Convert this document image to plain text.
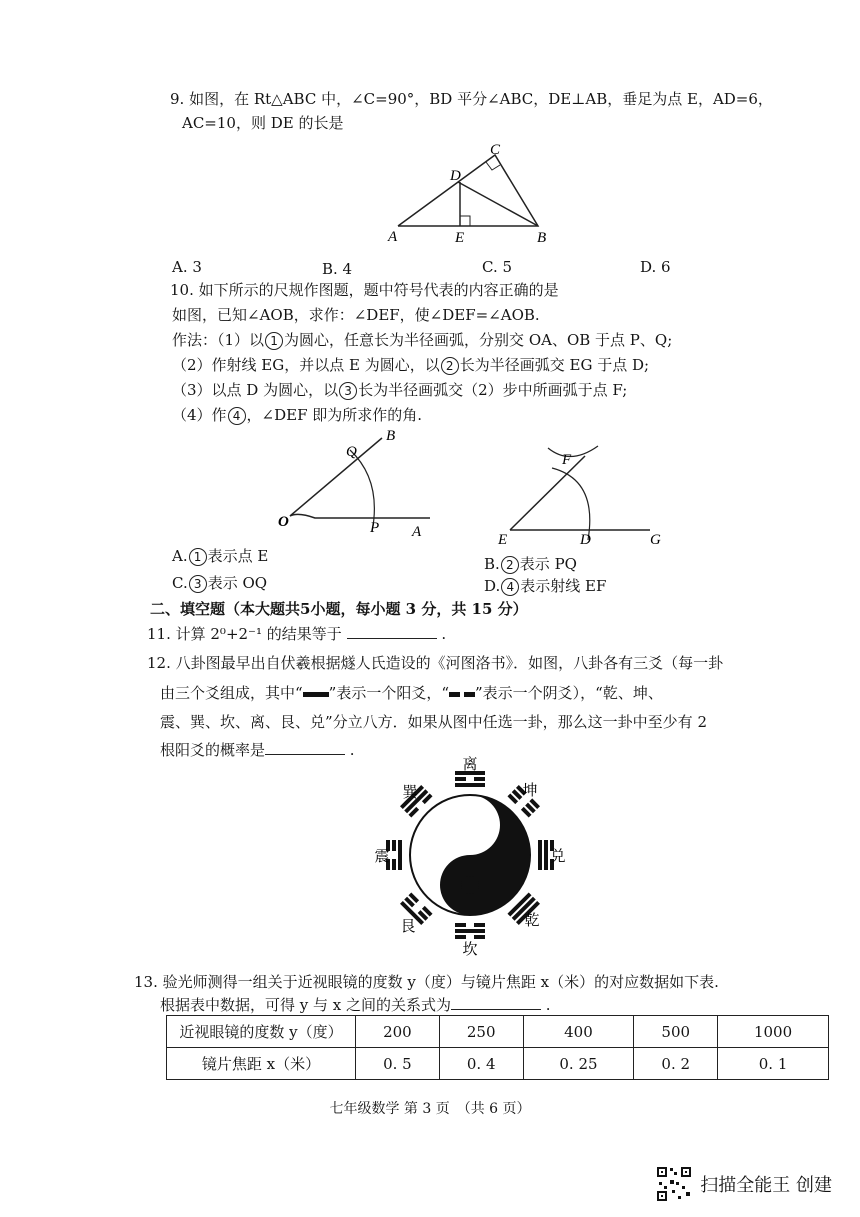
9. 如图，在 Rt△ABC 中，∠C=90°，BD 平分∠ABC，DE⊥AB，垂足为点 E，AD=6，
AC=10，则 DE 的长是
A	E	B
C
D
A. 3	B. 4	C. 5	D. 6
10. 如下所示的尺规作图题，题中符号代表的内容正确的是
如图，已知∠AOB，求作：∠DEF，使∠DEF=∠AOB.
作法：（1）以 1 为圆心，任意长为半径画弧，分别交 OA、OB 于点 P、Q;
（2）作射线 EG，并以点 E 为圆心，以 2 长为半径画弧交 EG 于点 D;
（3）以点 D 为圆心，以 3 长为半径画弧交（2）步中所画弧于点 F;
（4）作 4 ，∠DEF 即为所求作的角.
O	P A
B
Q
E	D	G
F
A. 1 表示点 E	B. 2 表示 PQ
C. 3 表示 OQ	D. 4 表示射线 EF
二、填空题（本大题共5小题，每小题 3 分，共 15 分）
11. 计算 2⁰+2⁻¹ 的结果等于	.
12. 八卦图最早出自伏羲根据燧人氏造设的《河图洛书》．如图，八卦各有三爻（每一卦
由三个爻组成，其中“ ”表示一个阳爻，“ ”表示一个阴爻），“乾、坤、
震、巽、坎、离、艮、兑”分立八方．如果从图中任选一卦，那么这一卦中至少有 2
根阳爻的概率是	.
离
坤
兑
乾
坎
艮
震
巽
13. 验光师测得一组关于近视眼镜的度数 y（度）与镜片焦距 x（米）的对应数据如下表.
根据表中数据，可得 y 与 x 之间的关系式为	.
近视眼镜的度数 y（度）	200	250	400	500	1000
镜片焦距 x（米）	0. 5	0. 4	0. 25	0. 2	0. 1
七年级数学 第 3 页　（共 6 页）
扫描全能王 创建
